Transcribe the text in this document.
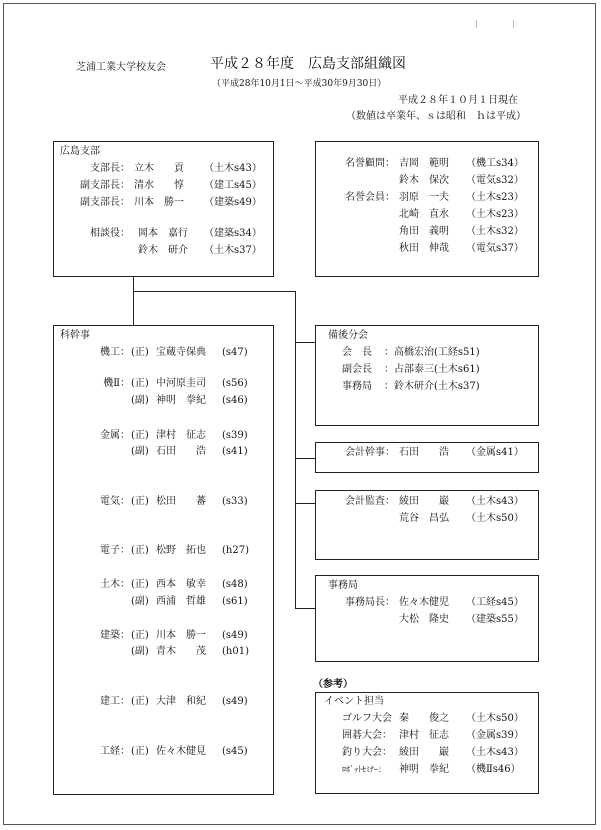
芝浦工業大学校友会	平成２８年度　広島支部組織図
（平成28年10月1日～平成30年9月30日）
平成２８年１０月１日現在
（数値は卒業年、ｓは昭和　ｈは平成）
広島支部
支部長： 立木　　貢 （土木s43）
副支部長： 清水　　惇 （建工s45）
副支部長： 川本　勝一 （建築s49）
相談役： 岡本　嘉行 （建築s34）
鈴木　研介 （土木s37）
名誉顧問： 吉岡　範明 （機工s34）
鈴木　保次 （電気s32）
名誉会員： 羽原　一夫 （土木s23）
北崎　直水 （土木s23）
角田　義明 （土木s32）
秋田　伸哉 （電気s37）
科幹事
機工： (正) 宝蔵寺保典 (s47)
機Ⅱ： (正) 中河原圭司 (s56)
(副) 神明　拳紀 (s46)
金属： (正) 津村　征志 (s39)
(副) 石田　　浩 (s41)
電気： (正) 松田　　蕃 (s33)
電子： (正) 松野　拓也 (h27)
土木： (正) 西本　敏幸 (s48)
(副) 西浦　哲雄 (s61)
建築： (正) 川本　勝一 (s49)
(副) 青木　　茂 (h01)
建工： (正) 大津　和紀 (s49)
工経： (正) 佐々木健見 (s45)
備後分会
会　長 ：高橋宏治(工経s51)
副会長 ：占部泰三(土木s61)
事務局 ：鈴木研介(土木s37)
会計幹事： 石田　　浩 （金属s41）
会計監査： 綾田　　巌 （土木s43）
荒谷　昌弘 （土木s50）
事務局
事務局長： 佐々木健児 （工経s45）
大松　隆史 （建築s55）
（参考）
イベント担当
ゴルフ大会 秦　　俊之 （土木s50）
囲碁大会： 津村　征志 （金属s39）
釣り大会： 綾田　　巌 （土木s43）
ﾛﾎﾞｯﾄｾﾐﾅｰ： 神明　拳紀 （機Ⅱs46）
